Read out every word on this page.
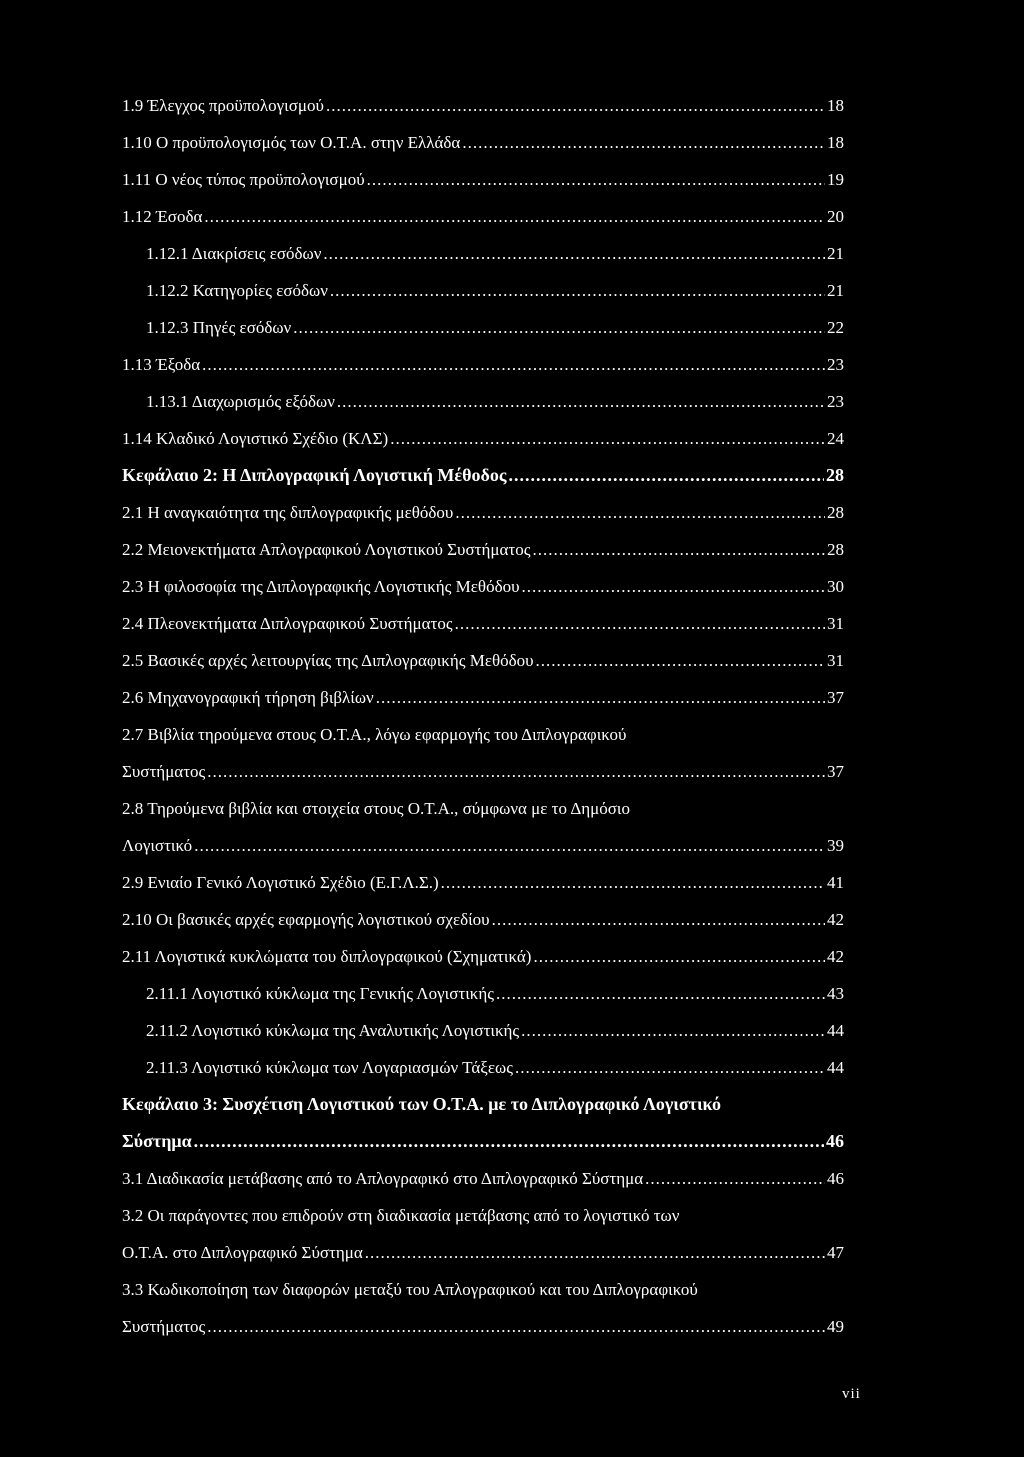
1.9 Έλεγχος προϋπολογισμού .....	18
1.10 Ο προϋπολογισμός των Ο.Τ.Α. στην Ελλάδα .....	18
1.11 Ο νέος τύπος προϋπολογισμού .....	19
1.12 Έσοδα .....	20
1.12.1 Διακρίσεις εσόδων .....	21
1.12.2 Κατηγορίες εσόδων .....	21
1.12.3 Πηγές εσόδων .....	22
1.13 Έξοδα .....	23
1.13.1 Διαχωρισμός εξόδων .....	23
1.14 Κλαδικό Λογιστικό Σχέδιο (ΚΛΣ) .....	24
Κεφάλαιο 2: Η Διπλογραφική Λογιστική Μέθοδος .....	28
2.1 Η αναγκαιότητα της διπλογραφικής μεθόδου .....	28
2.2 Μειονεκτήματα Απλογραφικού Λογιστικού Συστήματος .....	28
2.3 Η φιλοσοφία της Διπλογραφικής Λογιστικής Μεθόδου .....	30
2.4 Πλεονεκτήματα Διπλογραφικού Συστήματος .....	31
2.5 Βασικές αρχές λειτουργίας της Διπλογραφικής Μεθόδου .....	31
2.6 Μηχανογραφική τήρηση βιβλίων .....	37
2.7 Βιβλία τηρούμενα στους Ο.Τ.Α., λόγω εφαρμογής του Διπλογραφικού
Συστήματος .....	37
2.8 Τηρούμενα βιβλία και στοιχεία στους Ο.Τ.Α., σύμφωνα με το Δημόσιο
Λογιστικό .....	39
2.9 Ενιαίο Γενικό Λογιστικό Σχέδιο (Ε.Γ.Λ.Σ.) .....	41
2.10 Οι βασικές αρχές εφαρμογής λογιστικού σχεδίου .....	42
2.11 Λογιστικά κυκλώματα του διπλογραφικού (Σχηματικά) .....	42
2.11.1 Λογιστικό κύκλωμα της Γενικής Λογιστικής .....	43
2.11.2 Λογιστικό κύκλωμα της Αναλυτικής Λογιστικής .....	44
2.11.3 Λογιστικό κύκλωμα των Λογαριασμών Τάξεως .....	44
Κεφάλαιο 3: Συσχέτιση Λογιστικού των Ο.Τ.Α. με το Διπλογραφικό Λογιστικό
Σύστημα .....	46
3.1 Διαδικασία μετάβασης από το Απλογραφικό στο Διπλογραφικό Σύστημα .....	46
3.2 Οι παράγοντες που επιδρούν στη διαδικασία μετάβασης από το λογιστικό των
Ο.Τ.Α. στο Διπλογραφικό Σύστημα .....	47
3.3 Κωδικοποίηση των διαφορών μεταξύ του Απλογραφικού και του Διπλογραφικού
Συστήματος .....	49
vii
